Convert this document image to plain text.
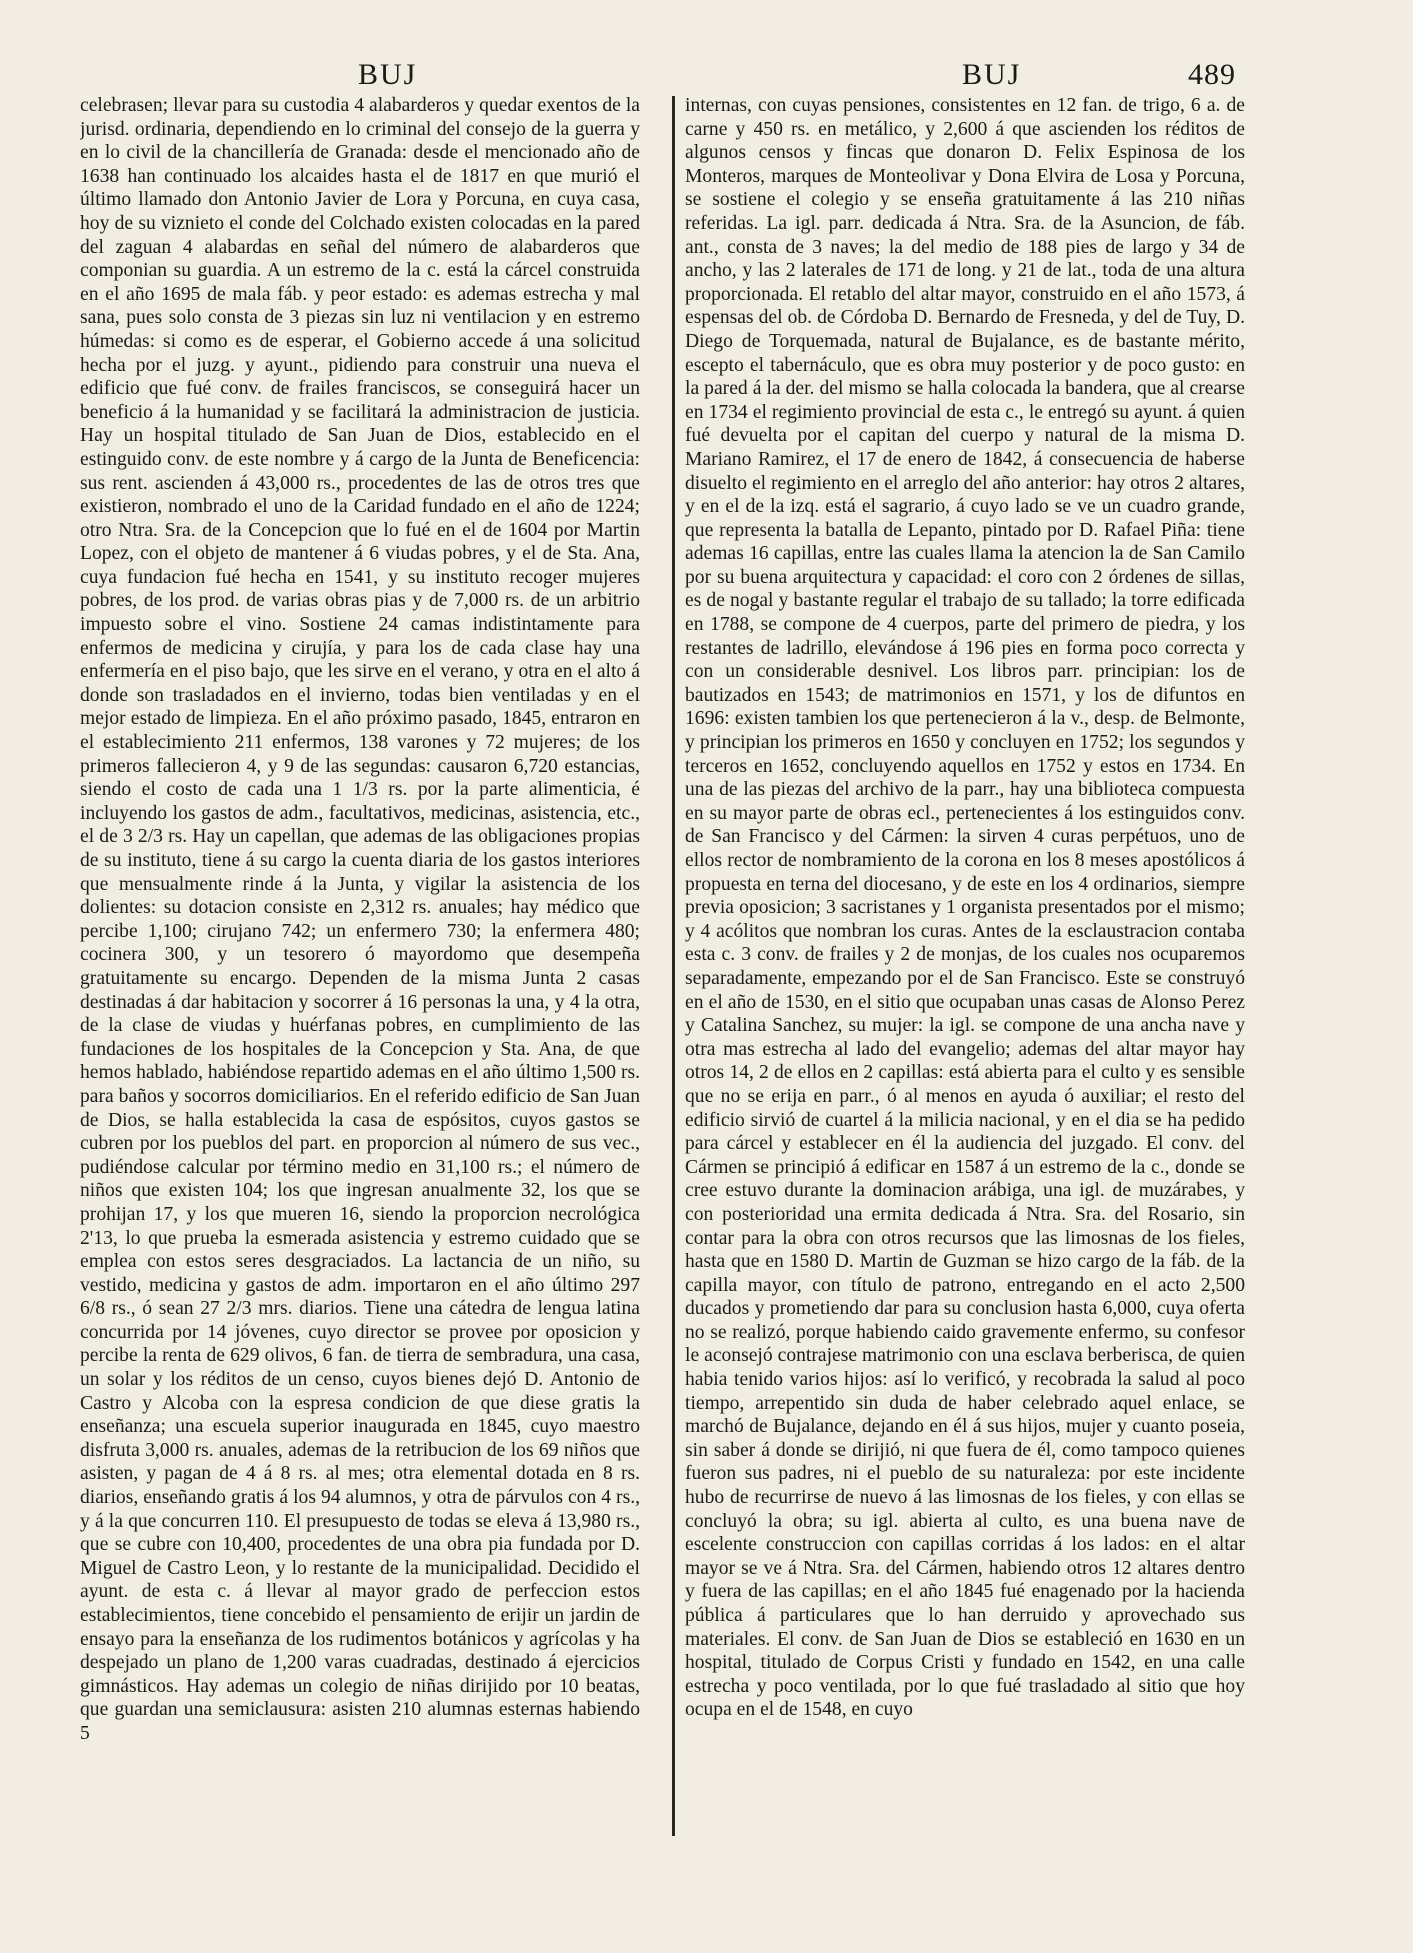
BUJ	BUJ	489
celebrasen; llevar para su custodia 4 alabarderos y quedar exentos de la jurisd. ordinaria, dependiendo en lo criminal del consejo de la guerra y en lo civil de la chancillería de Granada: desde el mencionado año de 1638 han continuado los alcaides hasta el de 1817 en que murió el último llamado don Antonio Javier de Lora y Porcuna, en cuya casa, hoy de su viznieto el conde del Colchado existen colocadas en la pared del zaguan 4 alabardas en señal del número de alabarderos que componian su guardia. A un estremo de la c. está la cárcel construida en el año 1695 de mala fáb. y peor estado: es ademas estrecha y mal sana, pues solo consta de 3 piezas sin luz ni ventilacion y en estremo húmedas: si como es de esperar, el Gobierno accede á una solicitud hecha por el juzg. y ayunt., pidiendo para construir una nueva el edificio que fué conv. de frailes franciscos, se conseguirá hacer un beneficio á la humanidad y se facilitará la administracion de justicia. Hay un hospital titulado de San Juan de Dios, establecido en el estinguido conv. de este nombre y á cargo de la Junta de Beneficencia: sus rent. ascienden á 43,000 rs., procedentes de las de otros tres que existieron, nombrado el uno de la Caridad fundado en el año de 1224; otro Ntra. Sra. de la Concepcion que lo fué en el de 1604 por Martin Lopez, con el objeto de mantener á 6 viudas pobres, y el de Sta. Ana, cuya fundacion fué hecha en 1541, y su instituto recoger mujeres pobres, de los prod. de varias obras pias y de 7,000 rs. de un arbitrio impuesto sobre el vino. Sostiene 24 camas indistintamente para enfermos de medicina y cirujía, y para los de cada clase hay una enfermería en el piso bajo, que les sirve en el verano, y otra en el alto á donde son trasladados en el invierno, todas bien ventiladas y en el mejor estado de limpieza. En el año próximo pasado, 1845, entraron en el establecimiento 211 enfermos, 138 varones y 72 mujeres; de los primeros fallecieron 4, y 9 de las segundas: causaron 6,720 estancias, siendo el costo de cada una 1 1/3 rs. por la parte alimenticia, é incluyendo los gastos de adm., facultativos, medicinas, asistencia, etc., el de 3 2/3 rs. Hay un capellan, que ademas de las obligaciones propias de su instituto, tiene á su cargo la cuenta diaria de los gastos interiores que mensualmente rinde á la Junta, y vigilar la asistencia de los dolientes: su dotacion consiste en 2,312 rs. anuales; hay médico que percibe 1,100; cirujano 742; un enfermero 730; la enfermera 480; cocinera 300, y un tesorero ó mayordomo que desempeña gratuitamente su encargo. Dependen de la misma Junta 2 casas destinadas á dar habitacion y socorrer á 16 personas la una, y 4 la otra, de la clase de viudas y huérfanas pobres, en cumplimiento de las fundaciones de los hospitales de la Concepcion y Sta. Ana, de que hemos hablado, habiéndose repartido ademas en el año último 1,500 rs. para baños y socorros domiciliarios. En el referido edificio de San Juan de Dios, se halla establecida la casa de espósitos, cuyos gastos se cubren por los pueblos del part. en proporcion al número de sus vec., pudiéndose calcular por término medio en 31,100 rs.; el número de niños que existen 104; los que ingresan anualmente 32, los que se prohijan 17, y los que mueren 16, siendo la proporcion necrológica 2'13, lo que prueba la esmerada asistencia y estremo cuidado que se emplea con estos seres desgraciados. La lactancia de un niño, su vestido, medicina y gastos de adm. importaron en el año último 297 6/8 rs., ó sean 27 2/3 mrs. diarios. Tiene una cátedra de lengua latina concurrida por 14 jóvenes, cuyo director se provee por oposicion y percibe la renta de 629 olivos, 6 fan. de tierra de sembradura, una casa, un solar y los réditos de un censo, cuyos bienes dejó D. Antonio de Castro y Alcoba con la espresa condicion de que diese gratis la enseñanza; una escuela superior inaugurada en 1845, cuyo maestro disfruta 3,000 rs. anuales, ademas de la retribucion de los 69 niños que asisten, y pagan de 4 á 8 rs. al mes; otra elemental dotada en 8 rs. diarios, enseñando gratis á los 94 alumnos, y otra de párvulos con 4 rs., y á la que concurren 110. El presupuesto de todas se eleva á 13,980 rs., que se cubre con 10,400, procedentes de una obra pia fundada por D. Miguel de Castro Leon, y lo restante de la municipalidad. Decidido el ayunt. de esta c. á llevar al mayor grado de perfeccion estos establecimientos, tiene concebido el pensamiento de erijir un jardin de ensayo para la enseñanza de los rudimentos botánicos y agrícolas y ha despejado un plano de 1,200 varas cuadradas, destinado á ejercicios gimnásticos. Hay ademas un colegio de niñas dirijido por 10 beatas, que guardan una semiclausura: asisten 210 alumnas esternas habiendo 5
internas, con cuyas pensiones, consistentes en 12 fan. de trigo, 6 a. de carne y 450 rs. en metálico, y 2,600 á que ascienden los réditos de algunos censos y fincas que donaron D. Felix Espinosa de los Monteros, marques de Monteolivar y Dona Elvira de Losa y Porcuna, se sostiene el colegio y se enseña gratuitamente á las 210 niñas referidas. La igl. parr. dedicada á Ntra. Sra. de la Asuncion, de fáb. ant., consta de 3 naves; la del medio de 188 pies de largo y 34 de ancho, y las 2 laterales de 171 de long. y 21 de lat., toda de una altura proporcionada. El retablo del altar mayor, construido en el año 1573, á espensas del ob. de Córdoba D. Bernardo de Fresneda, y del de Tuy, D. Diego de Torquemada, natural de Bujalance, es de bastante mérito, escepto el tabernáculo, que es obra muy posterior y de poco gusto: en la pared á la der. del mismo se halla colocada la bandera, que al crearse en 1734 el regimiento provincial de esta c., le entregó su ayunt. á quien fué devuelta por el capitan del cuerpo y natural de la misma D. Mariano Ramirez, el 17 de enero de 1842, á consecuencia de haberse disuelto el regimiento en el arreglo del año anterior: hay otros 2 altares, y en el de la izq. está el sagrario, á cuyo lado se ve un cuadro grande, que representa la batalla de Lepanto, pintado por D. Rafael Piña: tiene ademas 16 capillas, entre las cuales llama la atencion la de San Camilo por su buena arquitectura y capacidad: el coro con 2 órdenes de sillas, es de nogal y bastante regular el trabajo de su tallado; la torre edificada en 1788, se compone de 4 cuerpos, parte del primero de piedra, y los restantes de ladrillo, elevándose á 196 pies en forma poco correcta y con un considerable desnivel. Los libros parr. principian: los de bautizados en 1543; de matrimonios en 1571, y los de difuntos en 1696: existen tambien los que pertenecieron á la v., desp. de Belmonte, y principian los primeros en 1650 y concluyen en 1752; los segundos y terceros en 1652, concluyendo aquellos en 1752 y estos en 1734. En una de las piezas del archivo de la parr., hay una biblioteca compuesta en su mayor parte de obras ecl., pertenecientes á los estinguidos conv. de San Francisco y del Cármen: la sirven 4 curas perpétuos, uno de ellos rector de nombramiento de la corona en los 8 meses apostólicos á propuesta en terna del diocesano, y de este en los 4 ordinarios, siempre previa oposicion; 3 sacristanes y 1 organista presentados por el mismo; y 4 acólitos que nombran los curas. Antes de la esclaustracion contaba esta c. 3 conv. de frailes y 2 de monjas, de los cuales nos ocuparemos separadamente, empezando por el de San Francisco. Este se construyó en el año de 1530, en el sitio que ocupaban unas casas de Alonso Perez y Catalina Sanchez, su mujer: la igl. se compone de una ancha nave y otra mas estrecha al lado del evangelio; ademas del altar mayor hay otros 14, 2 de ellos en 2 capillas: está abierta para el culto y es sensible que no se erija en parr., ó al menos en ayuda ó auxiliar; el resto del edificio sirvió de cuartel á la milicia nacional, y en el dia se ha pedido para cárcel y establecer en él la audiencia del juzgado. El conv. del Cármen se principió á edificar en 1587 á un estremo de la c., donde se cree estuvo durante la dominacion arábiga, una igl. de muzárabes, y con posterioridad una ermita dedicada á Ntra. Sra. del Rosario, sin contar para la obra con otros recursos que las limosnas de los fieles, hasta que en 1580 D. Martin de Guzman se hizo cargo de la fáb. de la capilla mayor, con título de patrono, entregando en el acto 2,500 ducados y prometiendo dar para su conclusion hasta 6,000, cuya oferta no se realizó, porque habiendo caido gravemente enfermo, su confesor le aconsejó contrajese matrimonio con una esclava berberisca, de quien habia tenido varios hijos: así lo verificó, y recobrada la salud al poco tiempo, arrepentido sin duda de haber celebrado aquel enlace, se marchó de Bujalance, dejando en él á sus hijos, mujer y cuanto poseia, sin saber á donde se dirijió, ni que fuera de él, como tampoco quienes fueron sus padres, ni el pueblo de su naturaleza: por este incidente hubo de recurrirse de nuevo á las limosnas de los fieles, y con ellas se concluyó la obra; su igl. abierta al culto, es una buena nave de escelente construccion con capillas corridas á los lados: en el altar mayor se ve á Ntra. Sra. del Cármen, habiendo otros 12 altares dentro y fuera de las capillas; en el año 1845 fué enagenado por la hacienda pública á particulares que lo han derruido y aprovechado sus materiales. El conv. de San Juan de Dios se estableció en 1630 en un hospital, titulado de Corpus Cristi y fundado en 1542, en una calle estrecha y poco ventilada, por lo que fué trasladado al sitio que hoy ocupa en el de 1548, en cuyo
